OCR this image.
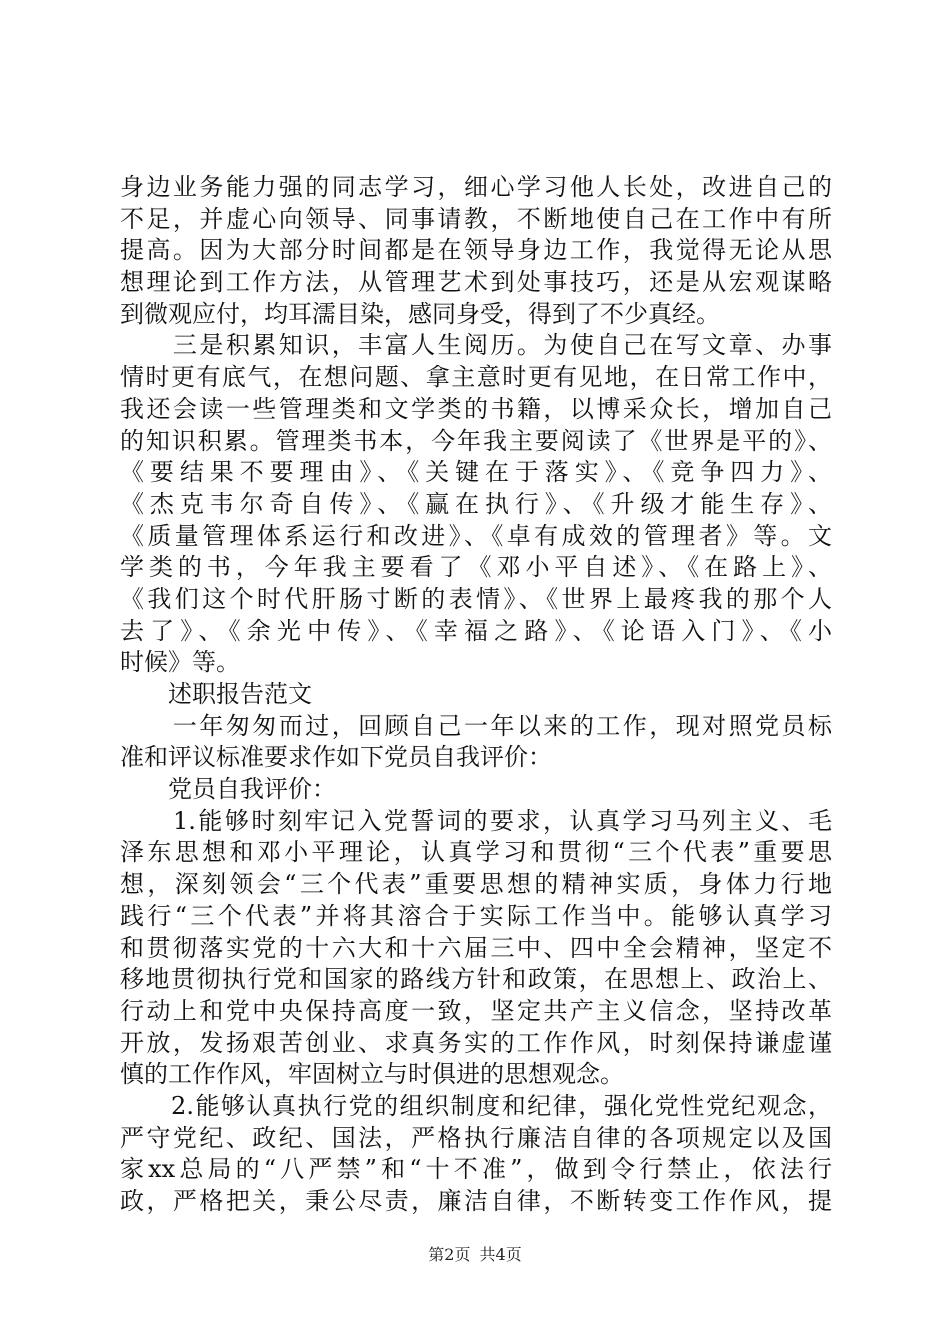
身边业务能力强的同志学习，细心学习他人长处，改进自己的
不足，并虚心向领导、同事请教，不断地使自己在工作中有所
提高。因为大部分时间都是在领导身边工作，我觉得无论从思
想理论到工作方法，从管理艺术到处事技巧，还是从宏观谋略
到微观应付，均耳濡目染，感同身受，得到了不少真经。
　　三是积累知识，丰富人生阅历。为使自己在写文章、办事
情时更有底气，在想问题、拿主意时更有见地，在日常工作中，
我还会读一些管理类和文学类的书籍，以博采众长，增加自己
的知识积累。管理类书本，今年我主要阅读了《世界是平的》、
《要结果不要理由》、《关键在于落实》、《竞争四力》、
《杰克韦尔奇自传》、《赢在执行》、《升级才能生存》、
《质量管理体系运行和改进》、《卓有成效的管理者》等。文
学类的书，今年我主要看了《邓小平自述》、《在路上》、
《我们这个时代肝肠寸断的表情》、《世界上最疼我的那个人
去了》、《余光中传》、《幸福之路》、《论语入门》、《小
时候》等。
　　述职报告范文
　　一年匆匆而过，回顾自己一年以来的工作，现对照党员标
准和评议标准要求作如下党员自我评价：
　　党员自我评价：
　　1.能够时刻牢记入党誓词的要求，认真学习马列主义、毛
泽东思想和邓小平理论，认真学习和贯彻“三个代表”重要思
想，深刻领会“三个代表”重要思想的精神实质，身体力行地
践行“三个代表”并将其溶合于实际工作当中。能够认真学习
和贯彻落实党的十六大和十六届三中、四中全会精神，坚定不
移地贯彻执行党和国家的路线方针和政策，在思想上、政治上、
行动上和党中央保持高度一致，坚定共产主义信念，坚持改革
开放，发扬艰苦创业、求真务实的工作作风，时刻保持谦虚谨
慎的工作作风，牢固树立与时俱进的思想观念。
　　2.能够认真执行党的组织制度和纪律，强化党性党纪观念，
严守党纪、政纪、国法，严格执行廉洁自律的各项规定以及国
家xx总局的“八严禁”和“十不准”，做到令行禁止，依法行
政，严格把关，秉公尽责，廉洁自律，不断转变工作作风，提
第2页 共4页
